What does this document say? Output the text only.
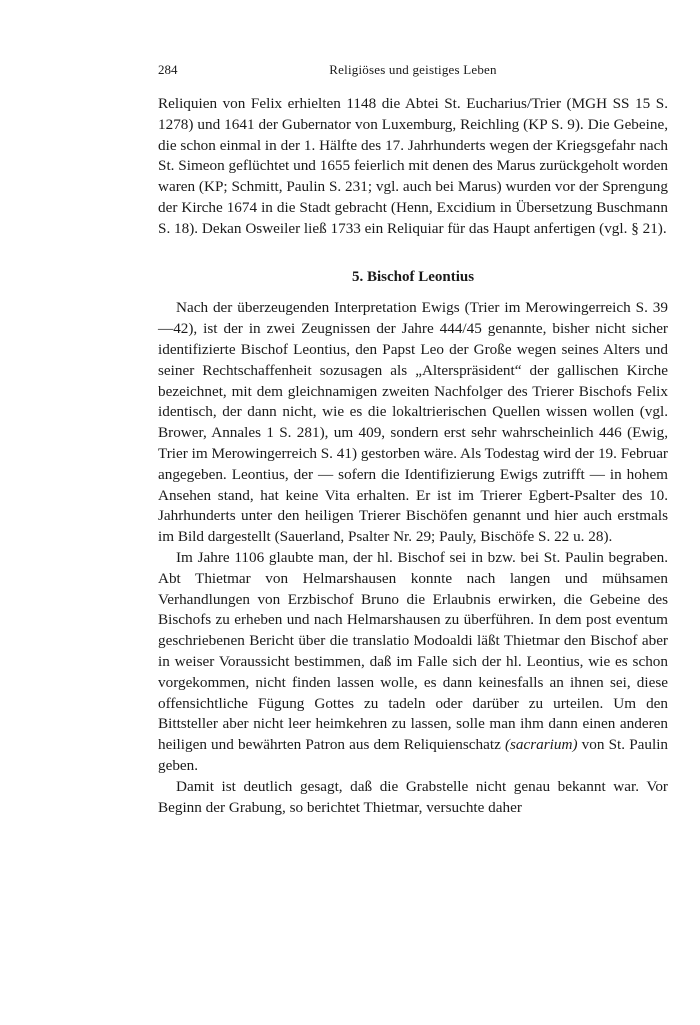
284	Religiöses und geistiges Leben

Reliquien von Felix erhielten 1148 die Abtei St. Eucharius/Trier (MGH SS 15 S. 1278) und 1641 der Gubernator von Luxemburg, Reichling (KP S. 9). Die Gebeine, die schon einmal in der 1. Hälfte des 17. Jahrhunderts wegen der Kriegsgefahr nach St. Simeon geflüchtet und 1655 feierlich mit denen des Marus zurückgeholt worden waren (KP; Schmitt, Paulin S. 231; vgl. auch bei Marus) wurden vor der Sprengung der Kirche 1674 in die Stadt gebracht (Henn, Excidium in Übersetzung Buschmann S. 18). Dekan Osweiler ließ 1733 ein Reliquiar für das Haupt anfertigen (vgl. § 21).

5. Bischof Leontius

Nach der überzeugenden Interpretation Ewigs (Trier im Merowingerreich S. 39—42), ist der in zwei Zeugnissen der Jahre 444/45 genannte, bisher nicht sicher identifizierte Bischof Leontius, den Papst Leo der Große wegen seines Alters und seiner Rechtschaffenheit sozusagen als „Alterspräsident“ der gallischen Kirche bezeichnet, mit dem gleichnamigen zweiten Nachfolger des Trierer Bischofs Felix identisch, der dann nicht, wie es die lokaltrierischen Quellen wissen wollen (vgl. Brower, Annales 1 S. 281), um 409, sondern erst sehr wahrscheinlich 446 (Ewig, Trier im Merowingerreich S. 41) gestorben wäre. Als Todestag wird der 19. Februar angegeben. Leontius, der — sofern die Identifizierung Ewigs zutrifft — in hohem Ansehen stand, hat keine Vita erhalten. Er ist im Trierer Egbert-Psalter des 10. Jahrhunderts unter den heiligen Trierer Bischöfen genannt und hier auch erstmals im Bild dargestellt (Sauerland, Psalter Nr. 29; Pauly, Bischöfe S. 22 u. 28).

Im Jahre 1106 glaubte man, der hl. Bischof sei in bzw. bei St. Paulin begraben. Abt Thietmar von Helmarshausen konnte nach langen und mühsamen Verhandlungen von Erzbischof Bruno die Erlaubnis erwirken, die Gebeine des Bischofs zu erheben und nach Helmarshausen zu überführen. In dem post eventum geschriebenen Bericht über die translatio Modoaldi läßt Thietmar den Bischof aber in weiser Voraussicht bestimmen, daß im Falle sich der hl. Leontius, wie es schon vorgekommen, nicht finden lassen wolle, es dann keinesfalls an ihnen sei, diese offensichtliche Fügung Gottes zu tadeln oder darüber zu urteilen. Um den Bittsteller aber nicht leer heimkehren zu lassen, solle man ihm dann einen anderen heiligen und bewährten Patron aus dem Reliquienschatz (sacrarium) von St. Paulin geben.

Damit ist deutlich gesagt, daß die Grabstelle nicht genau bekannt war. Vor Beginn der Grabung, so berichtet Thietmar, versuchte daher
